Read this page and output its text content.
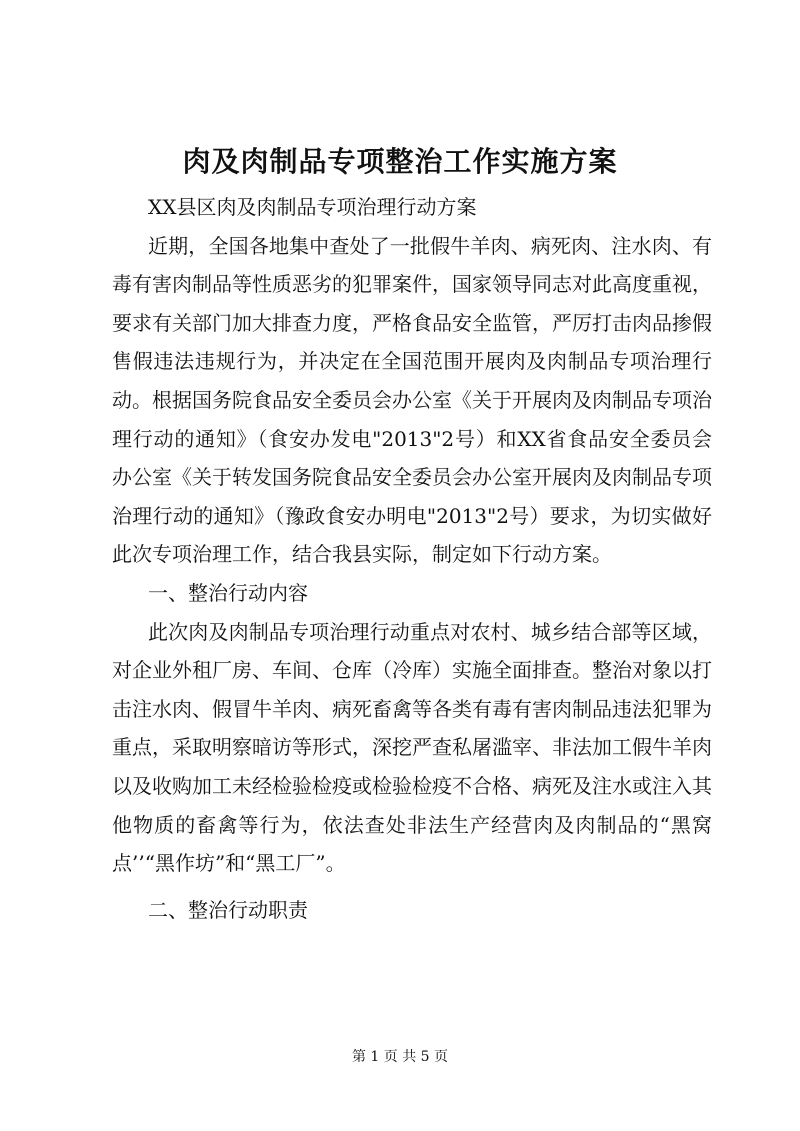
肉及肉制品专项整治工作实施方案

XX县区肉及肉制品专项治理行动方案

近期，全国各地集中查处了一批假牛羊肉、病死肉、注水肉、有毒有害肉制品等性质恶劣的犯罪案件，国家领导同志对此高度重视，要求有关部门加大排查力度，严格食品安全监管，严厉打击肉品掺假售假违法违规行为，并决定在全国范围开展肉及肉制品专项治理行动。根据国务院食品安全委员会办公室《关于开展肉及肉制品专项治理行动的通知》（食安办发电"2013"2号）和XX省食品安全委员会办公室《关于转发国务院食品安全委员会办公室开展肉及肉制品专项治理行动的通知》（豫政食安办明电"2013"2号）要求，为切实做好此次专项治理工作，结合我县实际，制定如下行动方案。

一、整治行动内容

此次肉及肉制品专项治理行动重点对农村、城乡结合部等区域，对企业外租厂房、车间、仓库（冷库）实施全面排查。整治对象以打击注水肉、假冒牛羊肉、病死畜禽等各类有毒有害肉制品违法犯罪为重点，采取明察暗访等形式，深挖严查私屠滥宰、非法加工假牛羊肉以及收购加工未经检验检疫或检验检疫不合格、病死及注水或注入其他物质的畜禽等行为，依法查处非法生产经营肉及肉制品的“黑窝点’’“黑作坊”和“黑工厂”。

二、整治行动职责

第 1 页 共 5 页
